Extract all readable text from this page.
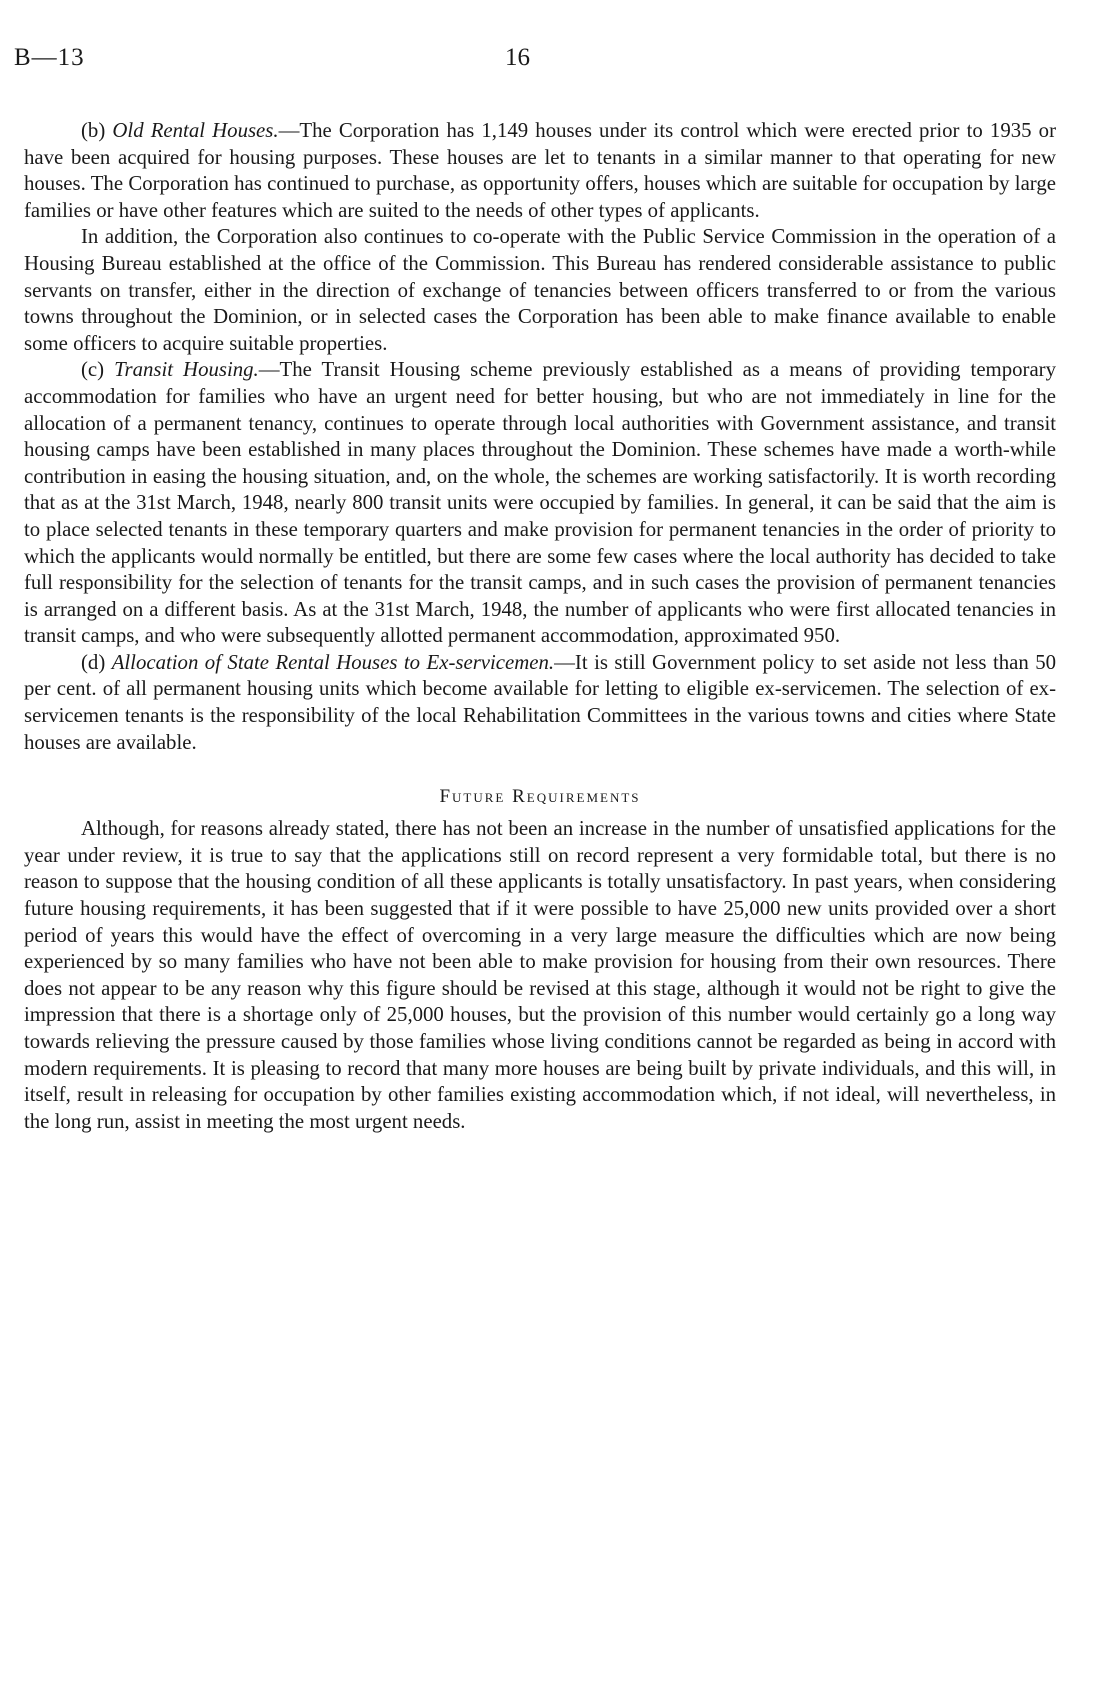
B—13	16

(b) Old Rental Houses.—The Corporation has 1,149 houses under its control which were erected prior to 1935 or have been acquired for housing purposes. These houses are let to tenants in a similar manner to that operating for new houses. The Corporation has continued to purchase, as opportunity offers, houses which are suitable for occupation by large families or have other features which are suited to the needs of other types of applicants.

In addition, the Corporation also continues to co-operate with the Public Service Commission in the operation of a Housing Bureau established at the office of the Commission. This Bureau has rendered considerable assistance to public servants on transfer, either in the direction of exchange of tenancies between officers transferred to or from the various towns throughout the Dominion, or in selected cases the Corporation has been able to make finance available to enable some officers to acquire suitable properties.

(c) Transit Housing.—The Transit Housing scheme previously established as a means of providing temporary accommodation for families who have an urgent need for better housing, but who are not immediately in line for the allocation of a permanent tenancy, continues to operate through local authorities with Government assistance, and transit housing camps have been established in many places throughout the Dominion. These schemes have made a worth-while contribution in easing the housing situation, and, on the whole, the schemes are working satisfactorily. It is worth recording that as at the 31st March, 1948, nearly 800 transit units were occupied by families. In general, it can be said that the aim is to place selected tenants in these temporary quarters and make provision for permanent tenancies in the order of priority to which the applicants would normally be entitled, but there are some few cases where the local authority has decided to take full responsibility for the selection of tenants for the transit camps, and in such cases the provision of permanent tenancies is arranged on a different basis. As at the 31st March, 1948, the number of applicants who were first allocated tenancies in transit camps, and who were subsequently allotted permanent accommodation, approximated 950.

(d) Allocation of State Rental Houses to Ex-servicemen.—It is still Government policy to set aside not less than 50 per cent. of all permanent housing units which become available for letting to eligible ex-servicemen. The selection of ex-servicemen tenants is the responsibility of the local Rehabilitation Committees in the various towns and cities where State houses are available.

Future Requirements

Although, for reasons already stated, there has not been an increase in the number of unsatisfied applications for the year under review, it is true to say that the applications still on record represent a very formidable total, but there is no reason to suppose that the housing condition of all these applicants is totally unsatisfactory. In past years, when considering future housing requirements, it has been suggested that if it were possible to have 25,000 new units provided over a short period of years this would have the effect of overcoming in a very large measure the difficulties which are now being experienced by so many families who have not been able to make provision for housing from their own resources. There does not appear to be any reason why this figure should be revised at this stage, although it would not be right to give the impression that there is a shortage only of 25,000 houses, but the provision of this number would certainly go a long way towards relieving the pressure caused by those families whose living conditions cannot be regarded as being in accord with modern requirements. It is pleasing to record that many more houses are being built by private individuals, and this will, in itself, result in releasing for occupation by other families existing accommodation which, if not ideal, will nevertheless, in the long run, assist in meeting the most urgent needs.
